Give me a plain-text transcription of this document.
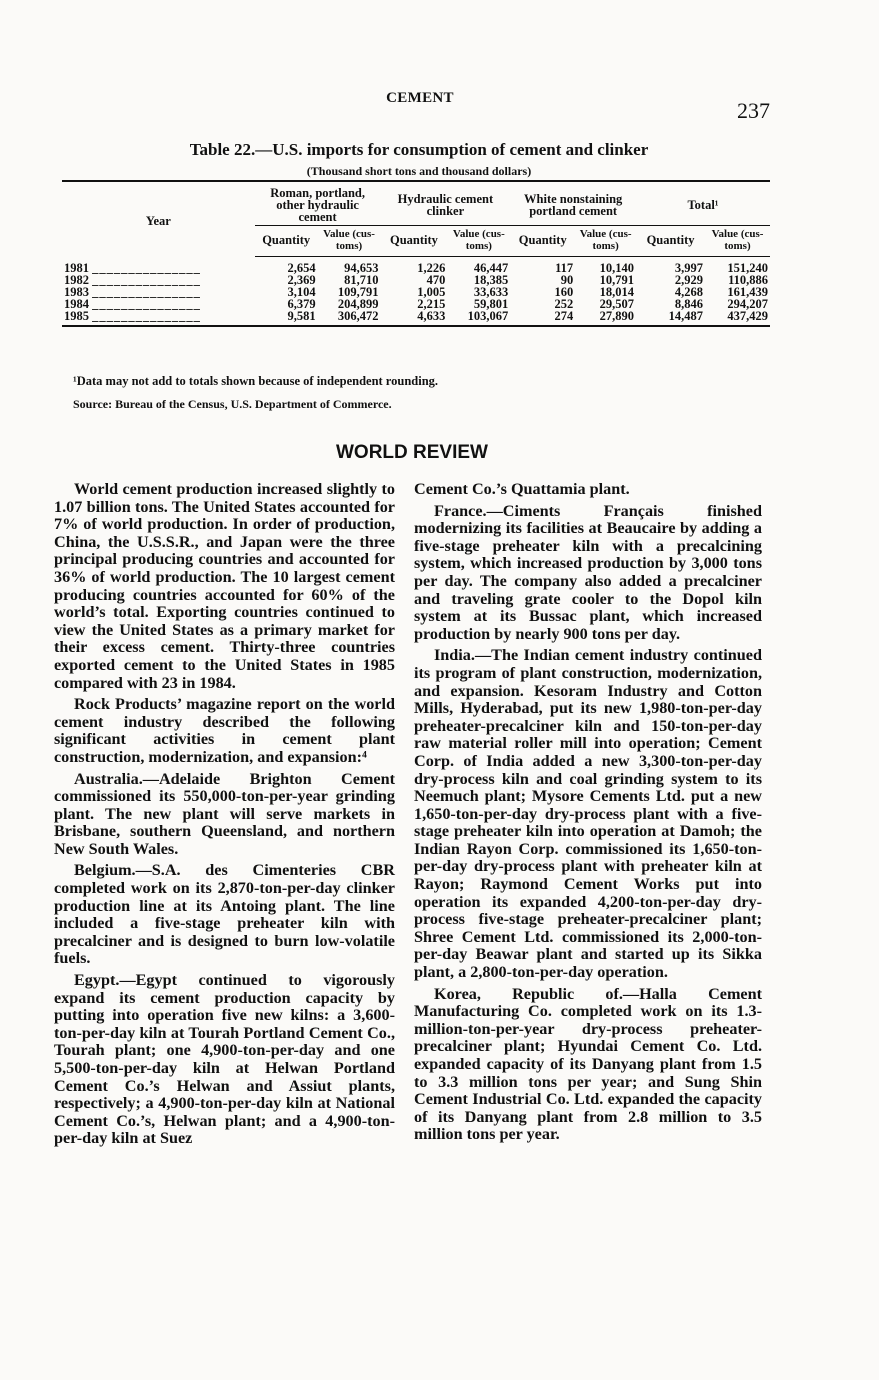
CEMENT	237
Table 22.—U.S. imports for consumption of cement and clinker
(Thousand short tons and thousand dollars)
Year	Roman, portland, other hydraulic cement		Hydraulic cement clinker		White nonstaining portland cement		Total¹	
	Quantity	Value (cus- toms)	Quantity	Value (cus- toms)	Quantity	Value (cus- toms)	Quantity	Value (cus- toms)
1981 _______________	2,654	94,653	1,226	46,447	117	10,140	3,997	151,240
1982 _______________	2,369	81,710	470	18,385	90	10,791	2,929	110,886
1983 _______________	3,104	109,791	1,005	33,633	160	18,014	4,268	161,439
1984 _______________	6,379	204,899	2,215	59,801	252	29,507	8,846	294,207
1985 _______________	9,581	306,472	4,633	103,067	274	27,890	14,487	437,429
¹Data may not add to totals shown because of independent rounding.
Source: Bureau of the Census, U.S. Department of Commerce.
WORLD REVIEW

World cement production increased slightly to 1.07 billion tons. The United States accounted for 7% of world production. In order of production, China, the U.S.S.R., and Japan were the three principal producing countries and accounted for 36% of world production. The 10 largest cement producing countries accounted for 60% of the world’s total. Exporting countries continued to view the United States as a primary market for their excess cement. Thirty-three countries exported cement to the United States in 1985 compared with 23 in 1984.

Rock Products’ magazine report on the world cement industry described the following significant activities in cement plant construction, modernization, and expansion:⁴

Australia.—Adelaide Brighton Cement commissioned its 550,000-ton-per-year grinding plant. The new plant will serve markets in Brisbane, southern Queensland, and northern New South Wales.

Belgium.—S.A. des Cimenteries CBR completed work on its 2,870-ton-per-day clinker production line at its Antoing plant. The line included a five-stage preheater kiln with precalciner and is designed to burn low-volatile fuels.

Egypt.—Egypt continued to vigorously expand its cement production capacity by putting into operation five new kilns: a 3,600-ton-per-day kiln at Tourah Portland Cement Co., Tourah plant; one 4,900-ton-per-day and one 5,500-ton-per-day kiln at Helwan Portland Cement Co.’s Helwan and Assiut plants, respectively; a 4,900-ton-per-day kiln at National Cement Co.’s, Helwan plant; and a 4,900-ton-per-day kiln at Suez

Cement Co.’s Quattamia plant.

France.—Ciments Français finished modernizing its facilities at Beaucaire by adding a five-stage preheater kiln with a precalcining system, which increased production by 3,000 tons per day. The company also added a precalciner and traveling grate cooler to the Dopol kiln system at its Bussac plant, which increased production by nearly 900 tons per day.

India.—The Indian cement industry continued its program of plant construction, modernization, and expansion. Kesoram Industry and Cotton Mills, Hyderabad, put its new 1,980-ton-per-day preheater-precalciner kiln and 150-ton-per-day raw material roller mill into operation; Cement Corp. of India added a new 3,300-ton-per-day dry-process kiln and coal grinding system to its Neemuch plant; Mysore Cements Ltd. put a new 1,650-ton-per-day dry-process plant with a five-stage preheater kiln into operation at Damoh; the Indian Rayon Corp. commissioned its 1,650-ton-per-day dry-process plant with preheater kiln at Rayon; Raymond Cement Works put into operation its expanded 4,200-ton-per-day dry-process five-stage preheater-precalciner plant; Shree Cement Ltd. commissioned its 2,000-ton-per-day Beawar plant and started up its Sikka plant, a 2,800-ton-per-day operation.

Korea, Republic of.—Halla Cement Manufacturing Co. completed work on its 1.3-million-ton-per-year dry-process preheater-precalciner plant; Hyundai Cement Co. Ltd. expanded capacity of its Danyang plant from 1.5 to 3.3 million tons per year; and Sung Shin Cement Industrial Co. Ltd. expanded the capacity of its Danyang plant from 2.8 million to 3.5 million tons per year.
